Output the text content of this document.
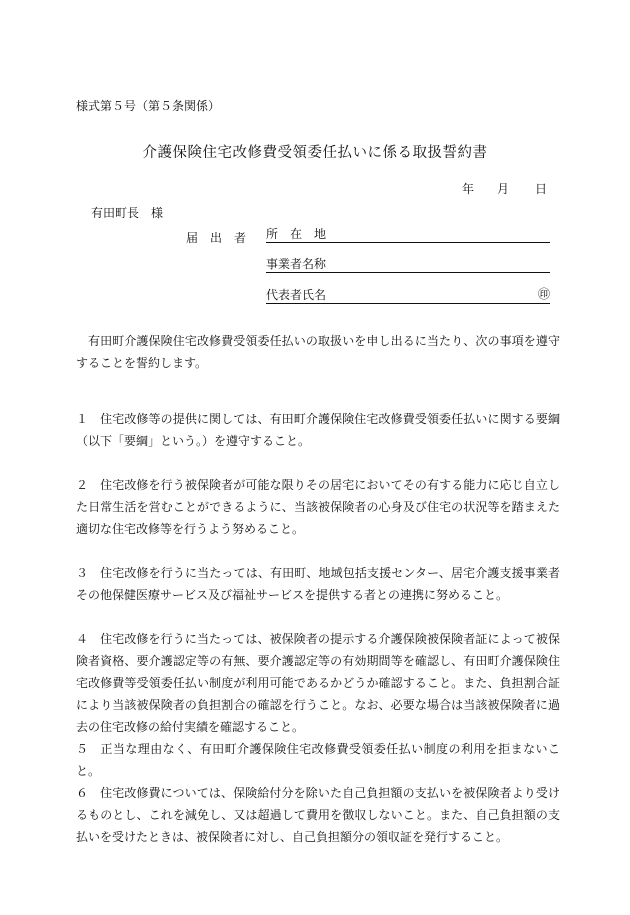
様式第５号（第５条関係）
介護保険住宅改修費受領委任払いに係る取扱誓約書
年 月 日
有田町長　様
届　出　者 所　在　地
事業者名称
代表者氏名	㊞
有田町介護保険住宅改修費受領委任払いの取扱いを申し出るに当たり、次の事項を遵守することを誓約します。
１ 住宅改修等の提供に関しては、有田町介護保険住宅改修費受領委任払いに関する要綱（以下「要綱」という。）を遵守すること。
２ 住宅改修を行う被保険者が可能な限りその居宅においてその有する能力に応じ自立した日常生活を営むことができるように、当該被保険者の心身及び住宅の状況等を踏まえた適切な住宅改修等を行うよう努めること。
３ 住宅改修を行うに当たっては、有田町、地域包括支援センター、居宅介護支援事業者その他保健医療サービス及び福祉サービスを提供する者との連携に努めること。
４ 住宅改修を行うに当たっては、被保険者の提示する介護保険被保険者証によって被保険者資格、要介護認定等の有無、要介護認定等の有効期間等を確認し、有田町介護保険住宅改修費等受領委任払い制度が利用可能であるかどうか確認すること。また、負担割合証により当該被保険者の負担割合の確認を行うこと。なお、必要な場合は当該被保険者に過去の住宅改修の給付実績を確認すること。
５ 正当な理由なく、有田町介護保険住宅改修費受領委任払い制度の利用を拒まないこと。
６ 住宅改修費については、保険給付分を除いた自己負担額の支払いを被保険者より受けるものとし、これを減免し、又は超過して費用を徴収しないこと。また、自己負担額の支払いを受けたときは、被保険者に対し、自己負担額分の領収証を発行すること。
